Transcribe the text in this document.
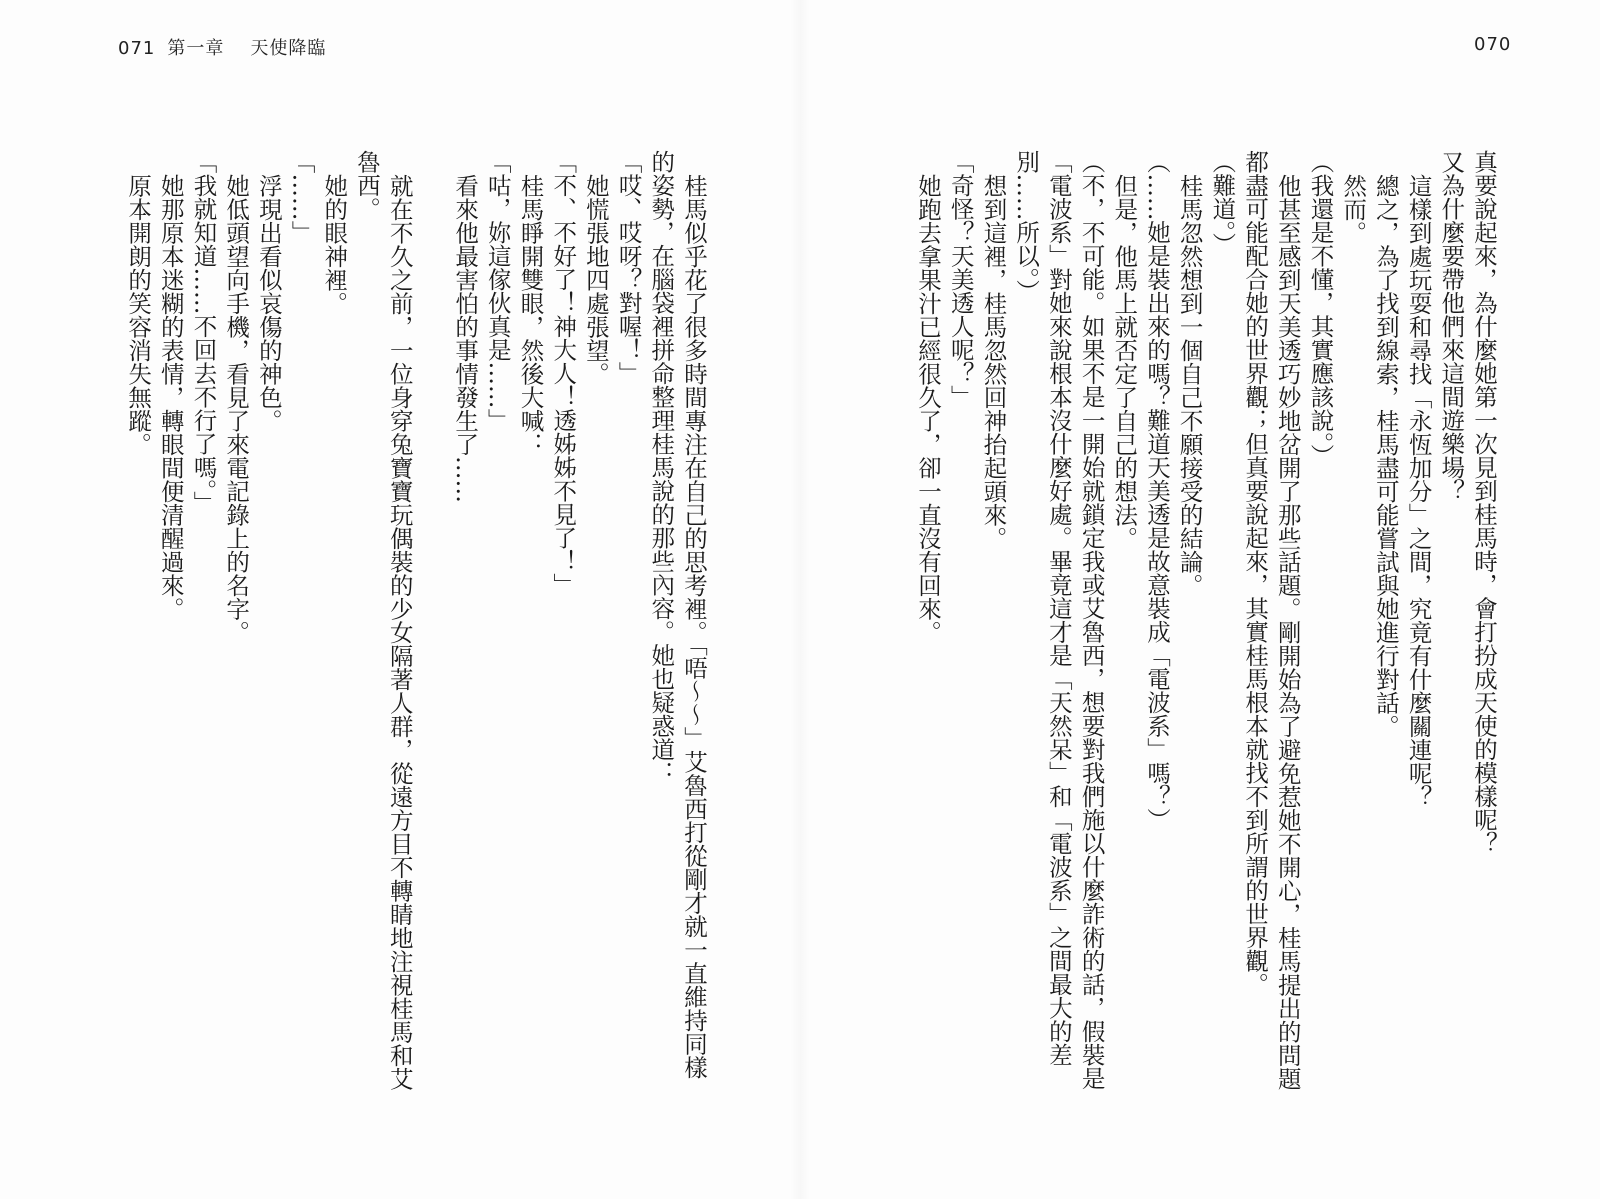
071 第一章 天使降臨	070

真要說起來，為什麼她第一次見到桂馬時，會打扮成天使的模樣呢？

又為什麼要帶他們來這間遊樂場？

這樣到處玩耍和尋找「永恆加分」之間，究竟有什麼關連呢？

總之，為了找到線索，桂馬盡可能嘗試與她進行對話。

然而。

（我還是不懂，其實應該說。）

他甚至感到天美透巧妙地岔開了那些話題。剛開始為了避免惹她不開心，桂馬提出的問題都盡可能配合她的世界觀；但真要說起來，其實桂馬根本就找不到所謂的世界觀。

（難道。）

桂馬忽然想到一個自己不願接受的結論。

（……她是裝出來的嗎？難道天美透是故意裝成「電波系」嗎？）

但是，他馬上就否定了自己的想法。

（不，不可能。如果不是一開始就鎖定我或艾魯西，想要對我們施以什麼詐術的話，假裝是「電波系」對她來說根本沒什麼好處。畢竟這才是「天然呆」和「電波系」之間最大的差別……所以。）

想到這裡，桂馬忽然回神抬起頭來。

「奇怪？天美透人呢？」

她跑去拿果汁已經很久了，卻一直沒有回來。

桂馬似乎花了很多時間專注在自己的思考裡。「唔～～」艾魯西打從剛才就一直維持同樣的姿勢，在腦袋裡拼命整理桂馬說的那些內容。她也疑惑道：

「哎、哎呀？對喔！」

她慌張地四處張望。

「不、不好了！神大人！透姊姊不見了！」

桂馬睜開雙眼，然後大喊：

「咕，妳這傢伙真是……」

看來他最害怕的事情發生了……

就在不久之前，一位身穿兔寶寶玩偶裝的少女隔著人群，從遠方目不轉睛地注視桂馬和艾魯西。

她的眼神裡。

「……」

浮現出看似哀傷的神色。

她低頭望向手機，看見了來電記錄上的名字。

「我就知道……不回去不行了嗎。」

她那原本迷糊的表情，轉眼間便清醒過來。

原本開朗的笑容消失無蹤。
